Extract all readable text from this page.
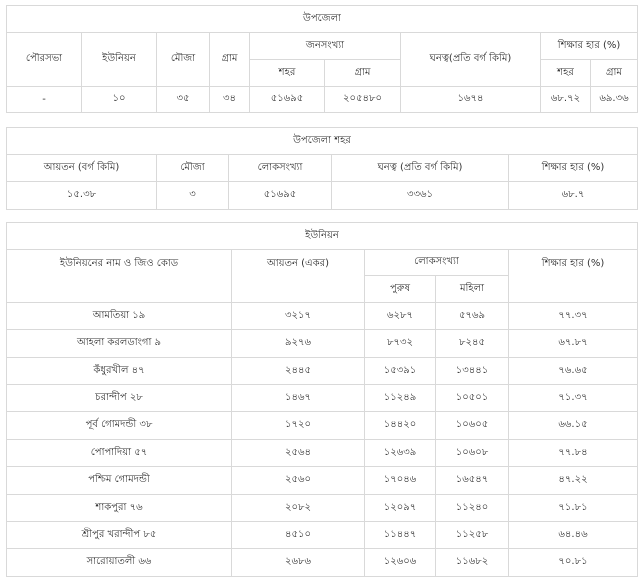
উপজেলা								
পৌরসভা	ইউনিয়ন	মৌজা	গ্রাম	জনসংখ্যা		ঘনত্ব(প্রতি বর্গ কিমি)	শিক্ষার হার (%)	
				শহর	গ্রাম		শহর	গ্রাম
-	১০	৩৫	৩৪	৫১৬৯৫	২০৫৪৮০	১৬৭৪	৬৮.৭২	৬৯.৩৬
উপজেলা শহর				
আয়তন (বর্গ কিমি)	মৌজা	লোকসংখ্যা	ঘনত্ব (প্রতি বর্গ কিমি)	শিক্ষার হার (%)
১৫.৩৮	৩	৫১৬৯৫	৩৩৬১	৬৮.৭
ইউনিয়ন				
ইউনিয়নের নাম ও জিও কোড	আয়তন (একর)	লোকসংখ্যা		শিক্ষার হার (%)
		পুরুষ	মহিলা	
আমতিয়া ১৯	৩২১৭	৬২৮৭	৫৭৬৯	৭৭.৩৭
আহলা করলডাংগা ৯	৯২৭৬	৮৭৩২	৮২৪৫	৬৭.৮৭
কঁধুরখীল ৪৭	২৪৪৫	১৫৩৯১	১৩৪৪১	৭৬.৬৫
চরান্দীপ ২৮	১৪৬৭	১১২৪৯	১০৫০১	৭১.৩৭
পূর্ব গোমদন্ডী ৩৮	১৭২০	১৪৪২০	১০৬০৫	৬৬.১৫
পোপাদিয়া ৫৭	২৫৬৪	১২৬৩৯	১০৬০৮	৭৭.৮৪
পশ্চিম গোমদন্ডী	২৫৬০	১৭০৪৬	১৬৫৪৭	৪৭.২২
শাকপুরা ৭৬	২০৮২	১২০৯৭	১১২৪০	৭১.৮১
শ্রীপুর খরান্দীপ ৮৫	৪৫১০	১১৪৪৭	১১২৫৮	৬৪.৪৬
সারোয়াতলী ৬৬	২৬৮৬	১২৬০৬	১১৬৮২	৭০.৮১
